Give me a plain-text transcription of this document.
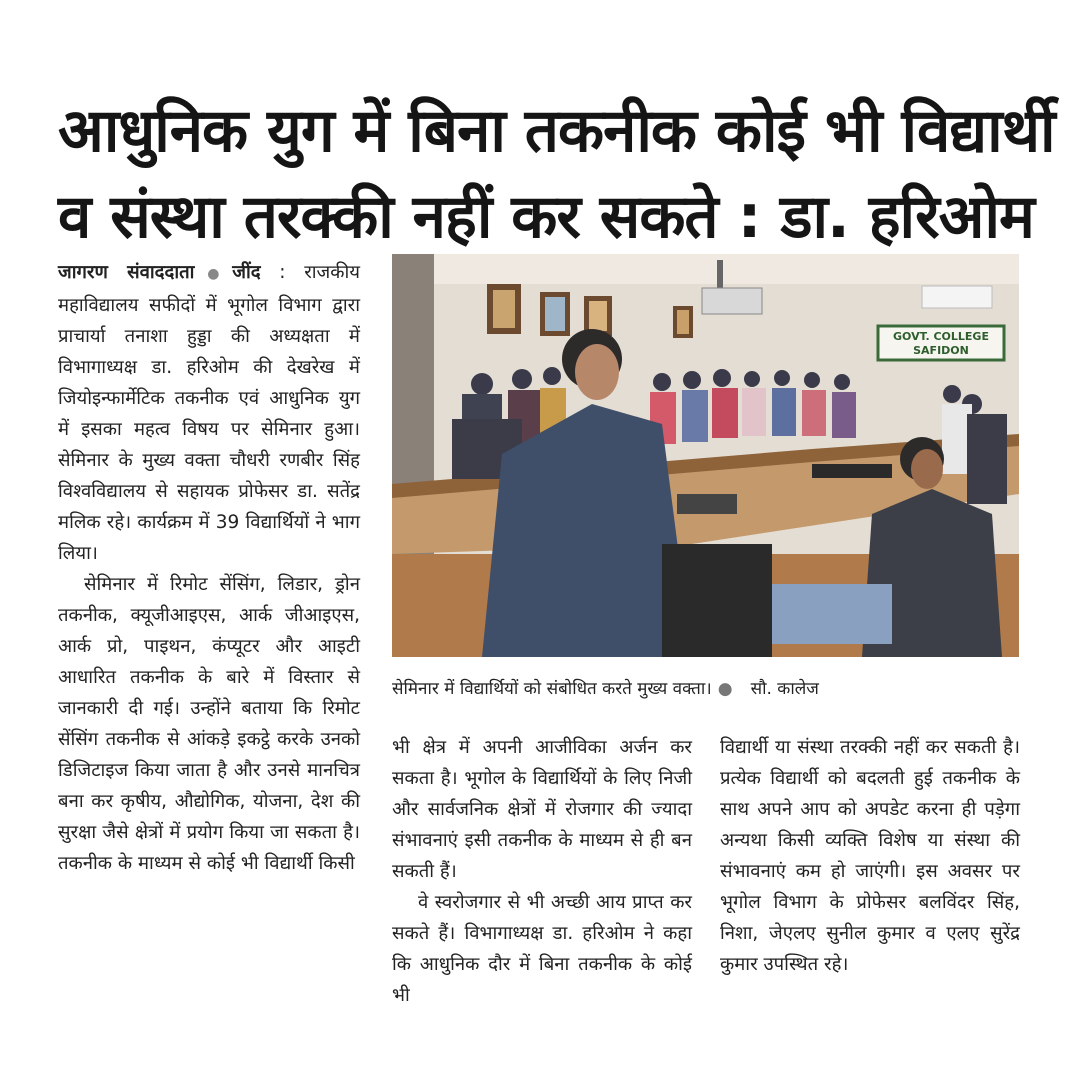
आधुनिक युग में बिना तकनीक कोई भी विद्यार्थी
व संस्था तरक्की नहीं कर सकते : डा. हरिओम

जागरण संवाददाता●जींद : राजकीय महाविद्यालय सफीदों में भूगोल विभाग द्वारा प्राचार्या तनाशा हुड्डा की अध्यक्षता में विभागाध्यक्ष डा. हरिओम की देखरेख में जियोइन्फार्मेटिक तकनीक एवं आधुनिक युग में इसका महत्व विषय पर सेमिनार हुआ। सेमिनार के मुख्य वक्ता चौधरी रणबीर सिंह विश्वविद्यालय से सहायक प्रोफेसर डा. सतेंद्र मलिक रहे। कार्यक्रम में 39 विद्यार्थियों ने भाग लिया।

सेमिनार में रिमोट सेंसिंग, लिडार, ड्रोन तकनीक, क्यूजीआइएस, आर्क जीआइएस, आर्क प्रो, पाइथन, कंप्यूटर और आइटी आधारित तकनीक के बारे में विस्तार से जानकारी दी गई। उन्होंने बताया कि रिमोट सेंसिंग तकनीक से आंकड़े इकट्ठे करके उनको डिजिटाइज किया जाता है और उनसे मानचित्र बना कर कृषीय, औद्योगिक, योजना, देश की सुरक्षा जैसे क्षेत्रों में प्रयोग किया जा सकता है। तकनीक के माध्यम से कोई भी विद्यार्थी किसी

GOVT. COLLEGE
SAFIDON
सेमिनार में विद्यार्थियों को संबोधित करते मुख्य वक्ता। ● सौ. कालेज

भी क्षेत्र में अपनी आजीविका अर्जन कर सकता है। भूगोल के विद्यार्थियों के लिए निजी और सार्वजनिक क्षेत्रों में रोजगार की ज्यादा संभावनाएं इसी तकनीक के माध्यम से ही बन सकती हैं।

वे स्वरोजगार से भी अच्छी आय प्राप्त कर सकते हैं। विभागाध्यक्ष डा. हरिओम ने कहा कि आधुनिक दौर में बिना तकनीक के कोई भी

विद्यार्थी या संस्था तरक्की नहीं कर सकती है। प्रत्येक विद्यार्थी को बदलती हुई तकनीक के साथ अपने आप को अपडेट करना ही पड़ेगा अन्यथा किसी व्यक्ति विशेष या संस्था की संभावनाएं कम हो जाएंगी। इस अवसर पर भूगोल विभाग के प्रोफेसर बलविंदर सिंह, निशा, जेएलए सुनील कुमार व एलए सुरेंद्र कुमार उपस्थित रहे।
